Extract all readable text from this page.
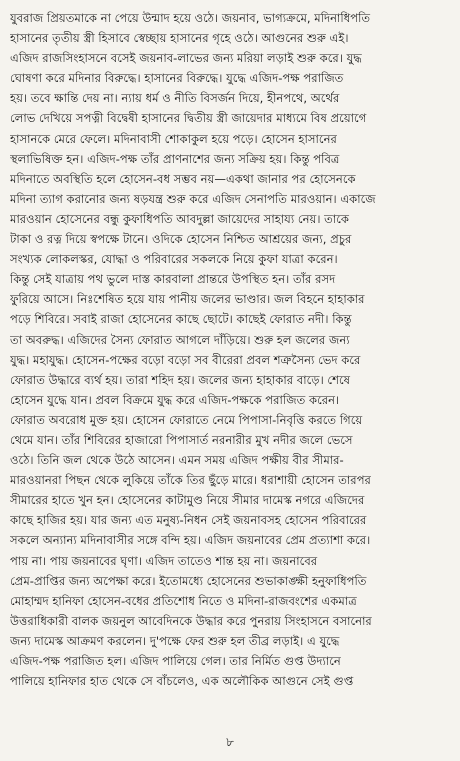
যুবরাজ প্রিয়তমাকে না পেয়ে উন্মাদ হয়ে ওঠে। জয়নাব, ভাগ্যক্রমে, মদিনাধিপতি
হাসানের তৃতীয় স্ত্রী হিসাবে স্বেচ্ছায় হাসানের গৃহে ওঠে। আগুনের শুরু এই।
এজিদ রাজসিংহাসনে বসেই জয়নাব-লাভের জন্য মরিয়া লড়াই শুরু করে। যুদ্ধ
ঘোষণা করে মদিনার বিরুদ্ধে। হাসানের বিরুদ্ধে। যুদ্ধে এজিদ-পক্ষ পরাজিত
হয়। তবে ক্ষান্তি দেয় না। ন্যায় ধর্ম ও নীতি বিসর্জন দিয়ে, হীনপথে, অর্থের
লোভ দেখিয়ে সপত্নী বিদ্বেষী হাসানের দ্বিতীয় স্ত্রী জায়েদার মাধ্যমে বিষ প্রয়োগে
হাসানকে মেরে ফেলে। মদিনাবাসী শোকাকুল হয়ে পড়ে। হোসেন হাসানের
স্থলাভিষিক্ত হন। এজিদ-পক্ষ তাঁর প্রাণনাশের জন্য সক্রিয় হয়। কিন্তু পবিত্র
মদিনাতে অবস্থিতি হলে হোসেন-বধ সম্ভব নয়—একথা জানার পর হোসেনকে
মদিনা ত্যাগ করানোর জন্য ষড়যন্ত্র শুরু করে এজিদ সেনাপতি মারওয়ান। একাজে
মারওয়ান হোসেনের বন্ধু কুফাধিপতি আবদুল্লা জায়েদের সাহায্য নেয়। তাকে
টাকা ও রত্ন দিয়ে স্বপক্ষে টানে। ওদিকে হোসেন নিশ্চিত আশ্রয়ের জন্য, প্রচুর
সংখ্যক লোকলস্কর, যোদ্ধা ও পরিবারের সকলকে নিয়ে কুফা যাত্রা করেন।
কিন্তু সেই যাত্রায় পথ ভুলে দাস্ত কারবালা প্রান্তরে উপস্থিত হন। তাঁর রসদ
ফুরিয়ে আসে। নিঃশেষিত হয়ে যায় পানীয় জলের ভাণ্ডার। জল বিহনে হাহাকার
পড়ে শিবিরে। সবাই রাজা হোসেনের কাছে ছোটে। কাছেই ফোরাত নদী। কিন্তু
তা অবরুদ্ধ। এজিদের সৈন্য ফোরাত আগলে দাঁড়িয়ে। শুরু হল জলের জন্য
যুদ্ধ। মহাযুদ্ধ। হোসেন-পক্ষের বড়ো বড়ো সব বীরেরা প্রবল শত্রুসৈন্য ভেদ করে
ফোরাত উদ্ধারে ব্যর্থ হয়। তারা শহিদ হয়। জলের জন্য হাহাকার বাড়ে। শেষে
হোসেন যুদ্ধে যান। প্রবল বিক্রমে যুদ্ধ করে এজিদ-পক্ষকে পরাজিত করেন।
ফোরাত অবরোধ মুক্ত হয়। হোসেন ফোরাতে নেমে পিপাসা-নিবৃত্তি করতে গিয়ে
থেমে যান। তাঁর শিবিরের হাজারো পিপাসার্ত নরনারীর মুখ নদীর জলে ভেসে
ওঠে। তিনি জল থেকে উঠে আসেন। এমন সময় এজিদ পক্ষীয় বীর সীমার-
মারওয়ানরা পিছন থেকে লুকিয়ে তাঁকে তির ছুঁড়ে মারে। ধরাশায়ী হোসেন তারপর
সীমারের হাতে খুন হন। হোসেনের কাটামুণ্ড নিয়ে সীমার দামেস্ক নগরে এজিদের
কাছে হাজির হয়। যার জন্য এত মনুষ্য-নিধন সেই জয়নাবসহ হোসেন পরিবারের
সকলে অন্যান্য মদিনাবাসীর সঙ্গে বন্দি হয়। এজিদ জয়নাবের প্রেম প্রত্যাশা করে।
পায় না। পায় জয়নাবের ঘৃণা। এজিদ তাতেও শান্ত হয় না। জয়নাবের
প্রেম-প্রাপ্তির জন্য অপেক্ষা করে। ইতোমধ্যে হোসেনের শুভাকাঙ্ক্ষী হনুফাধিপতি
মোহাম্মদ হানিফা হোসেন-বধের প্রতিশোধ নিতে ও মদিনা-রাজবংশের একমাত্র
উত্তরাধিকারী বালক জয়নুল আবেদিনকে উদ্ধার করে পুনরায় সিংহাসনে বসানোর
জন্য দামেস্ক আক্রমণ করলেন। দু'পক্ষে ফের শুরু হল তীব্র লড়াই। এ যুদ্ধে
এজিদ-পক্ষ পরাজিত হল। এজিদ পালিয়ে গেল। তার নির্মিত গুপ্ত উদ্যানে
পালিয়ে হানিফার হাত থেকে সে বাঁচলেও, এক অলৌকিক আগুনে সেই গুপ্ত
৮
